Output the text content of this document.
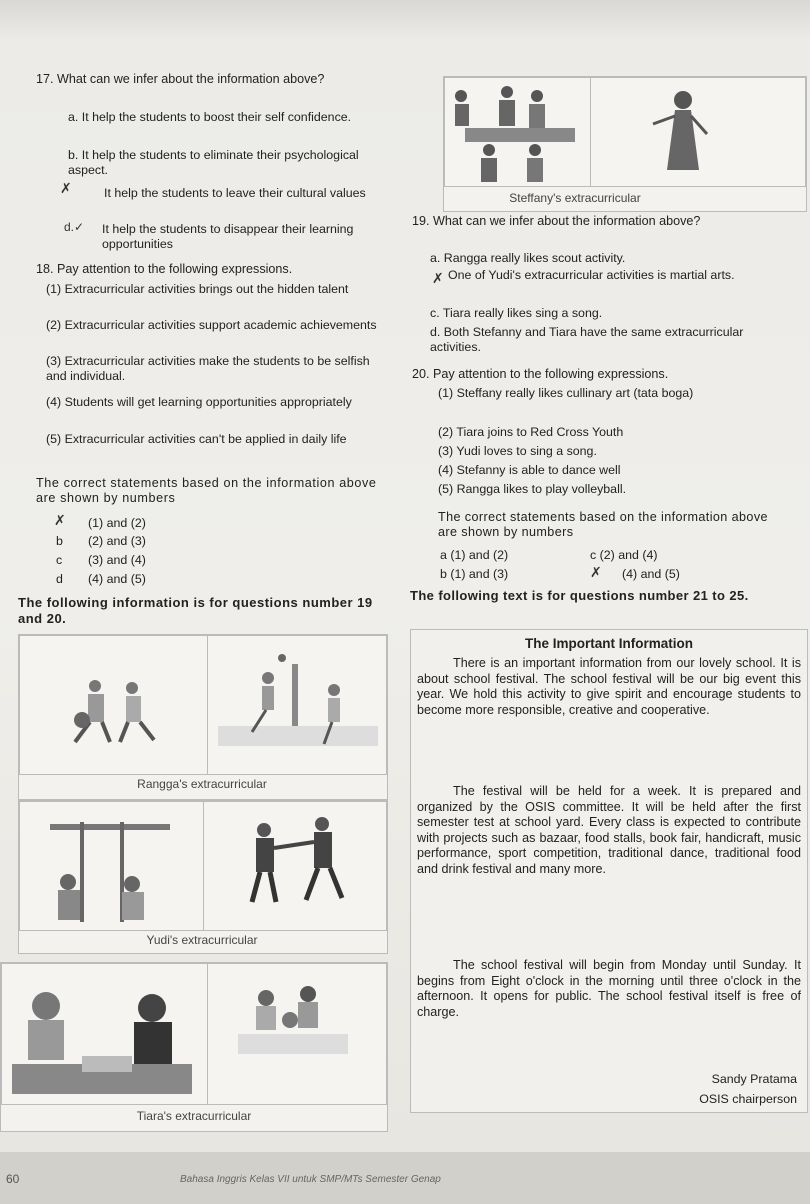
17. What can we infer about the information above?
a. It help the students to boost their self confidence.
b. It help the students to eliminate their psychological aspect.
✗	It help the students to leave their cultural values
d.✓ It help the students to disappear their learning opportunities
18. Pay attention to the following expressions.
(1) Extracurricular activities brings out the hidden talent
(2) Extracurricular activities support academic achievements
(3) Extracurricular activities make the students to be selfish and individual.
(4) Students will get learning opportunities appropriately
(5) Extracurricular activities can't be applied in daily life
The correct statements based on the information above are shown by numbers
✗ (1) and (2)
b (2) and (3)
c (3) and (4)
d (4) and (5)
The following information is for questions number 19 and 20.
Rangga's extracurricular
Yudi's extracurricular
Tiara's extracurricular
Steffany's extracurricular
19. What can we infer about the information above?
a. Rangga really likes scout activity.
✗ One of Yudi's extracurricular activities is martial arts.
c. Tiara really likes sing a song.
d. Both Stefanny and Tiara have the same extracurricular activities.
20. Pay attention to the following expressions.
(1) Steffany really likes cullinary art (tata boga)
(2) Tiara joins to Red Cross Youth
(3) Yudi loves to sing a song.
(4) Stefanny is able to dance well
(5) Rangga likes to play volleyball.
The correct statements based on the information above are shown by numbers
a (1) and (2)
b (1) and (3)
c (2) and (4)
✗ (4) and (5)
The following text is for questions number 21 to 25.
The Important Information

There is an important information from our lovely school. It is about school festival. The school festival will be our big event this year. We hold this activity to give spirit and encourage students to become more responsible, creative and cooperative.

The festival will be held for a week. It is prepared and organized by the OSIS committee. It will be held after the first semester test at school yard. Every class is expected to contribute with projects such as bazaar, food stalls, book fair, handicraft, music performance, sport competition, traditional dance, traditional food and drink festival and many more.

The school festival will begin from Monday until Sunday. It begins from Eight o'clock in the morning until three o'clock in the afternoon. It opens for public. The school festival itself is free of charge.

Sandy Pratama
OSIS chairperson
60	Bahasa Inggris Kelas VII untuk SMP/MTs Semester Genap
